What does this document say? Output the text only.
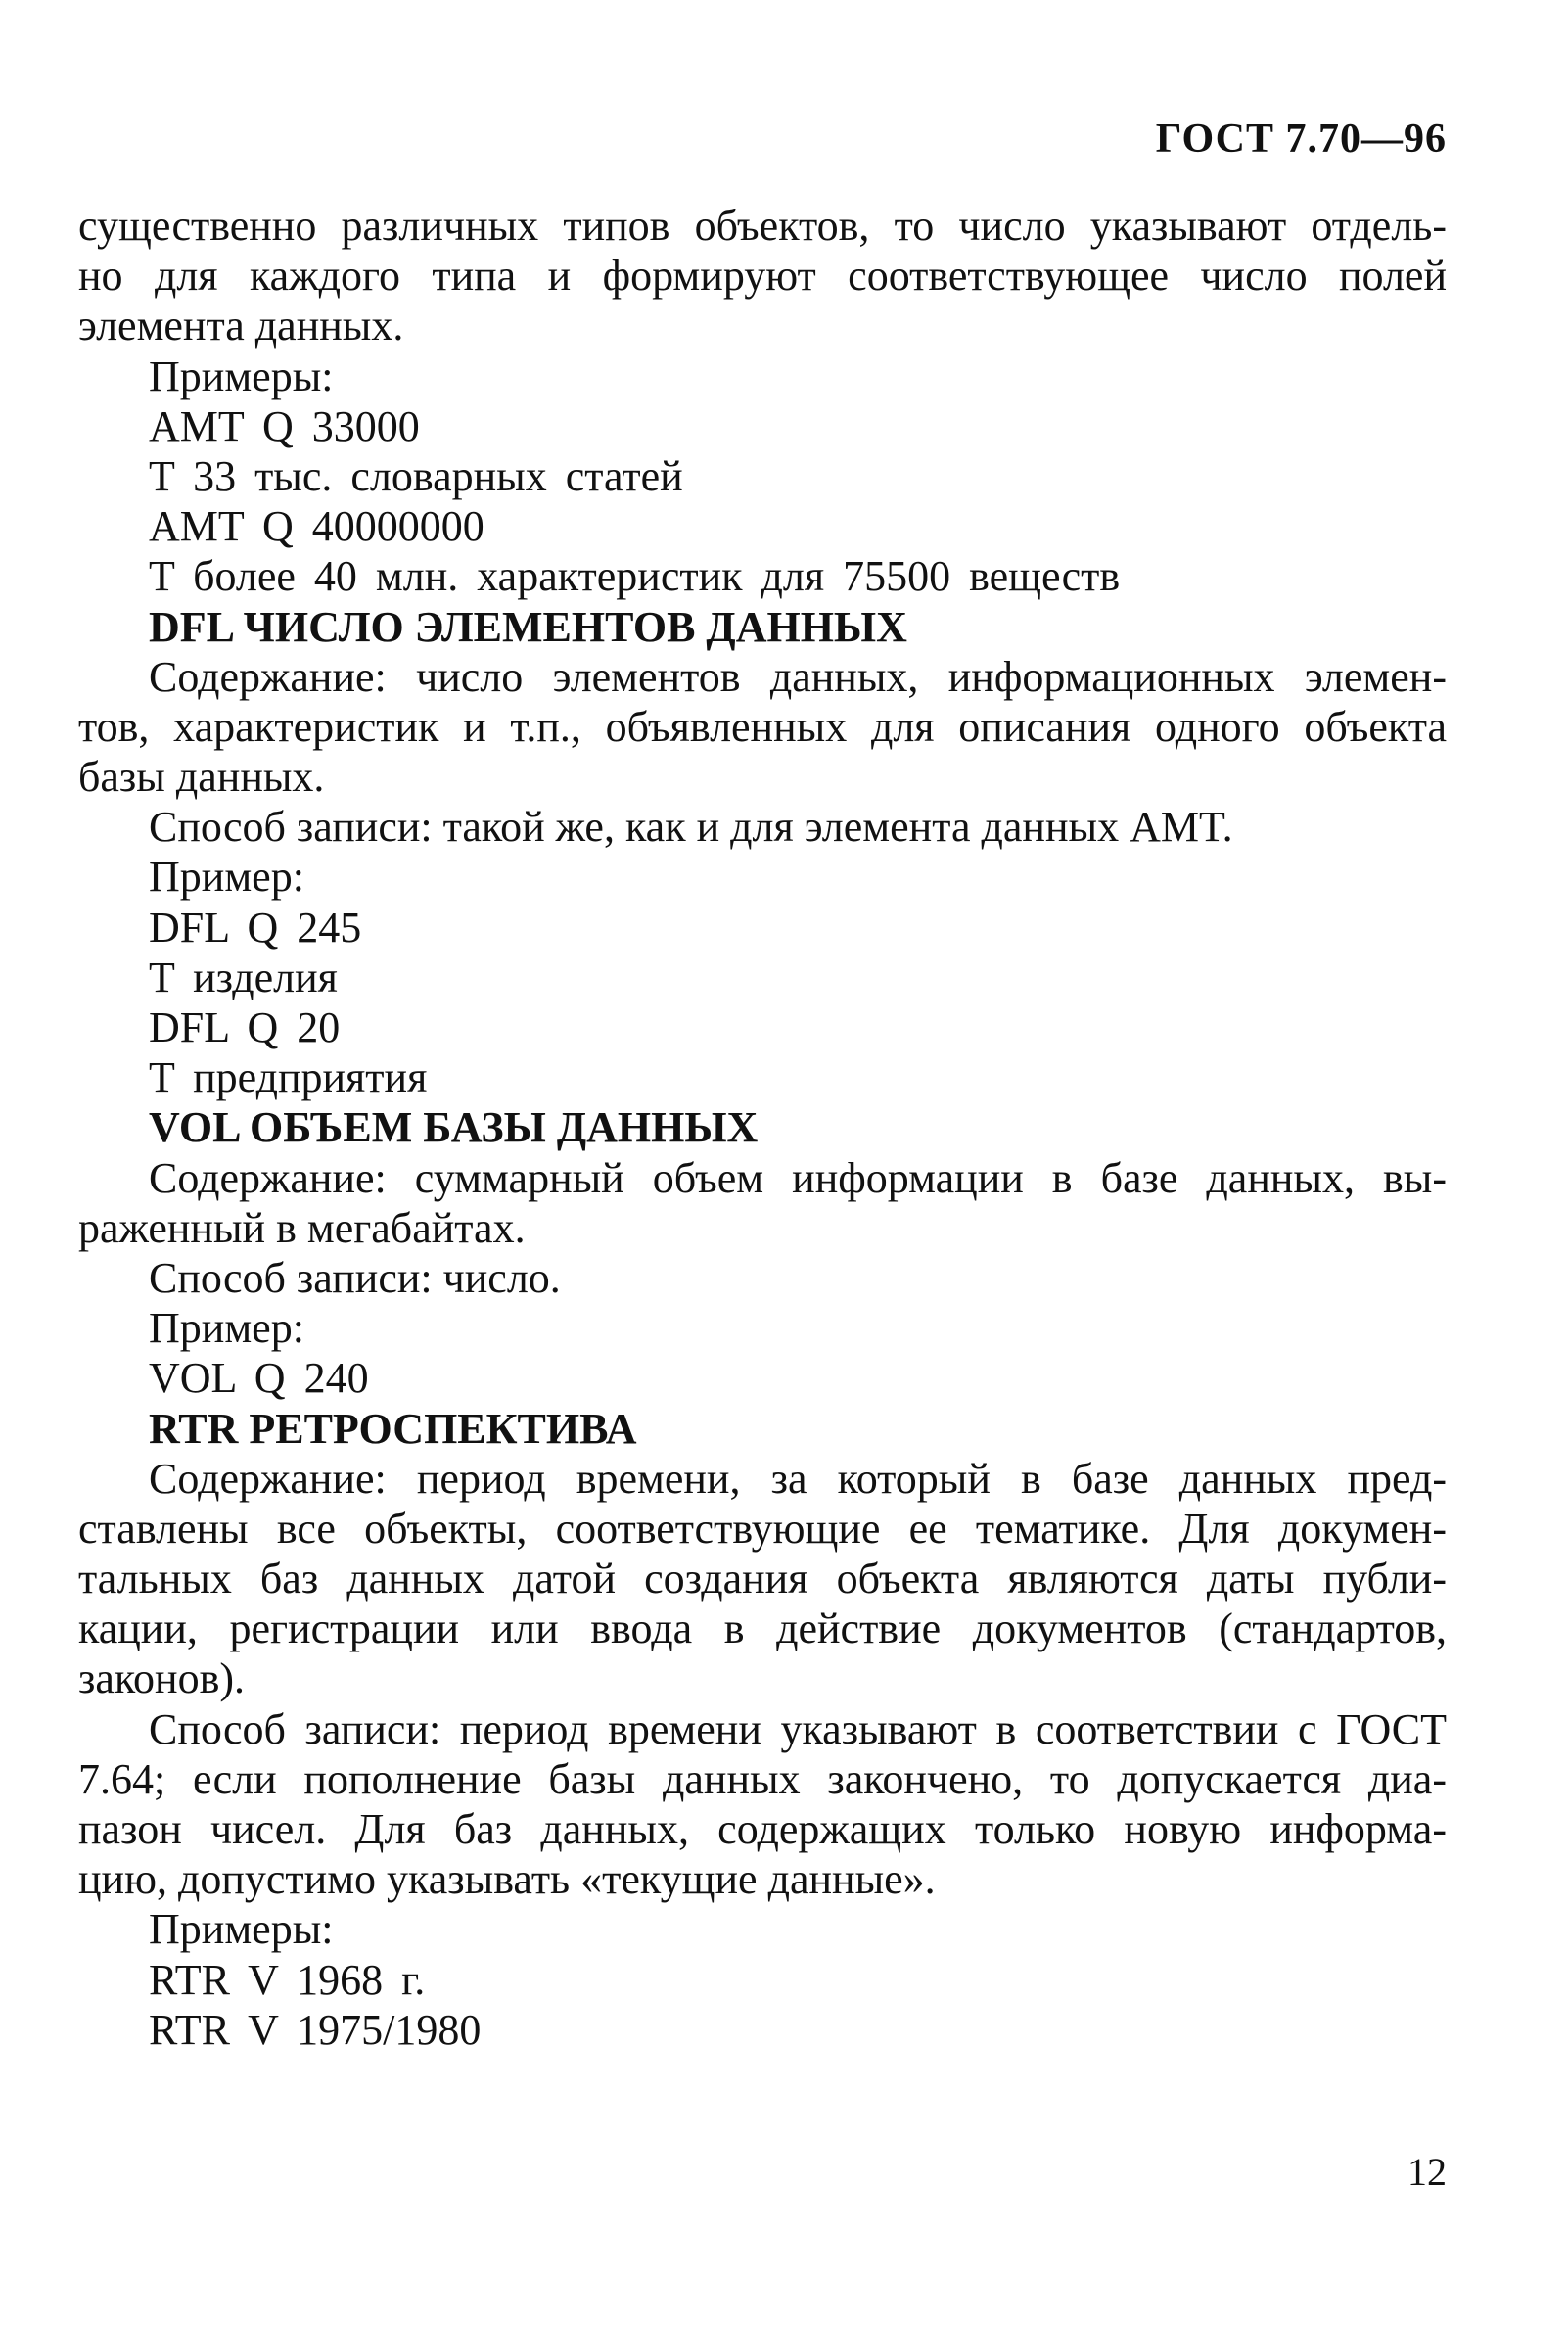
ГОСТ 7.70—96
существенно различных типов объектов, то число указывают отдель-
но для каждого типа и формируют соответствующее число полей
элемента данных.
Примеры:
AMT Q 33000
T 33 тыс. словарных статей
AMT Q 40000000
T более 40 млн. характеристик для 75500 веществ
DFL ЧИСЛО ЭЛЕМЕНТОВ ДАННЫХ
Содержание: число элементов данных, информационных элемен-
тов, характеристик и т.п., объявленных для описания одного объекта
базы данных.
Способ записи: такой же, как и для элемента данных AMT.
Пример:
DFL Q 245
T изделия
DFL Q 20
T предприятия
VOL ОБЪЕМ БАЗЫ ДАННЫХ
Содержание: суммарный объем информации в базе данных, вы-
раженный в мегабайтах.
Способ записи: число.
Пример:
VOL Q 240
RTR РЕТРОСПЕКТИВА
Содержание: период времени, за который в базе данных пред-
ставлены все объекты, соответствующие ее тематике. Для докумен-
тальных баз данных датой создания объекта являются даты публи-
кации, регистрации или ввода в действие документов (стандартов,
законов).
Способ записи: период времени указывают в соответствии с ГОСТ
7.64; если пополнение базы данных закончено, то допускается диа-
пазон чисел. Для баз данных, содержащих только новую информа-
цию, допустимо указывать «текущие данные».
Примеры:
RTR V 1968 г.
RTR V 1975/1980
12
